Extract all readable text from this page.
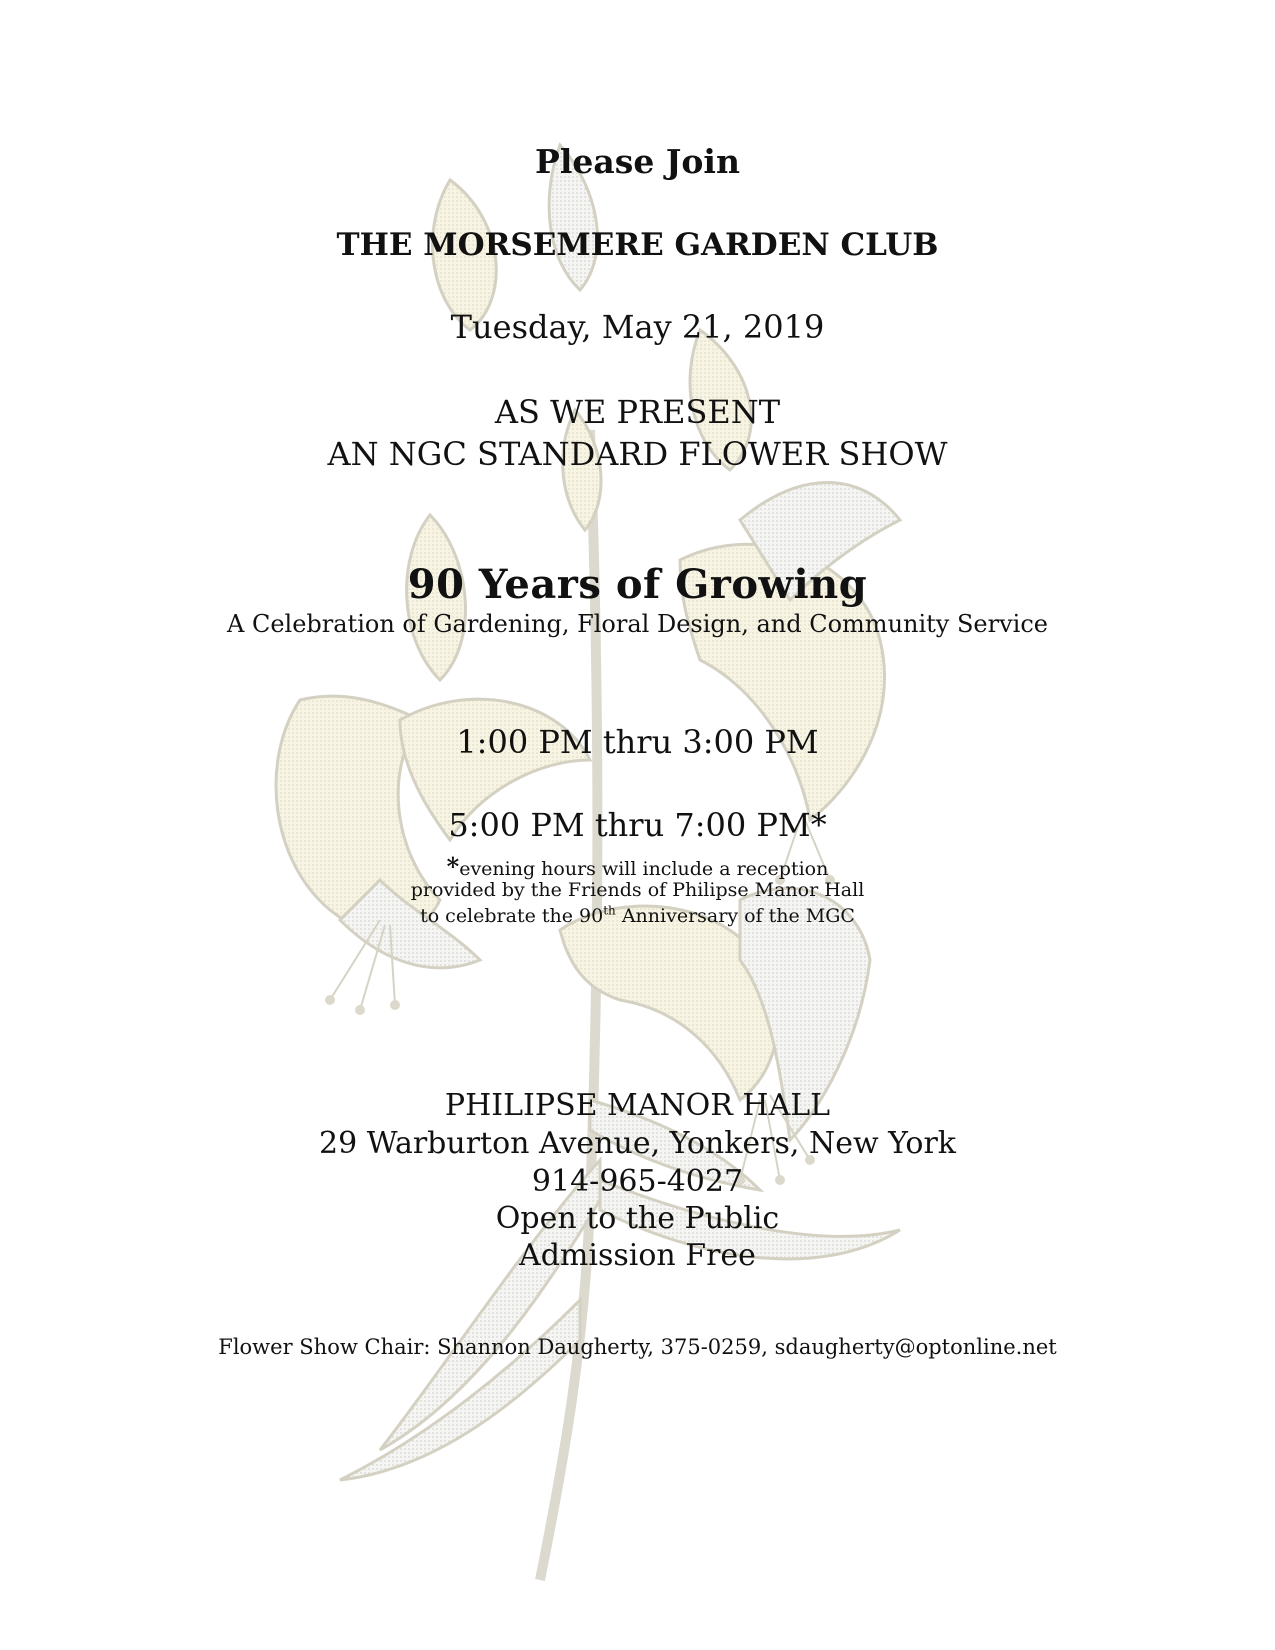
Please Join
THE MORSEMERE GARDEN CLUB
Tuesday, May 21, 2019
AS WE PRESENT
AN NGC STANDARD FLOWER SHOW
90 Years of Growing
A Celebration of Gardening, Floral Design, and Community Service
1:00 PM thru 3:00 PM
5:00 PM thru 7:00 PM*
*evening hours will include a reception
provided by the Friends of Philipse Manor Hall
to celebrate the 90th Anniversary of the MGC
PHILIPSE MANOR HALL
29 Warburton Avenue, Yonkers, New York
914-965-4027
Open to the Public
Admission Free
Flower Show Chair: Shannon Daugherty, 375-0259, sdaugherty@optonline.net
